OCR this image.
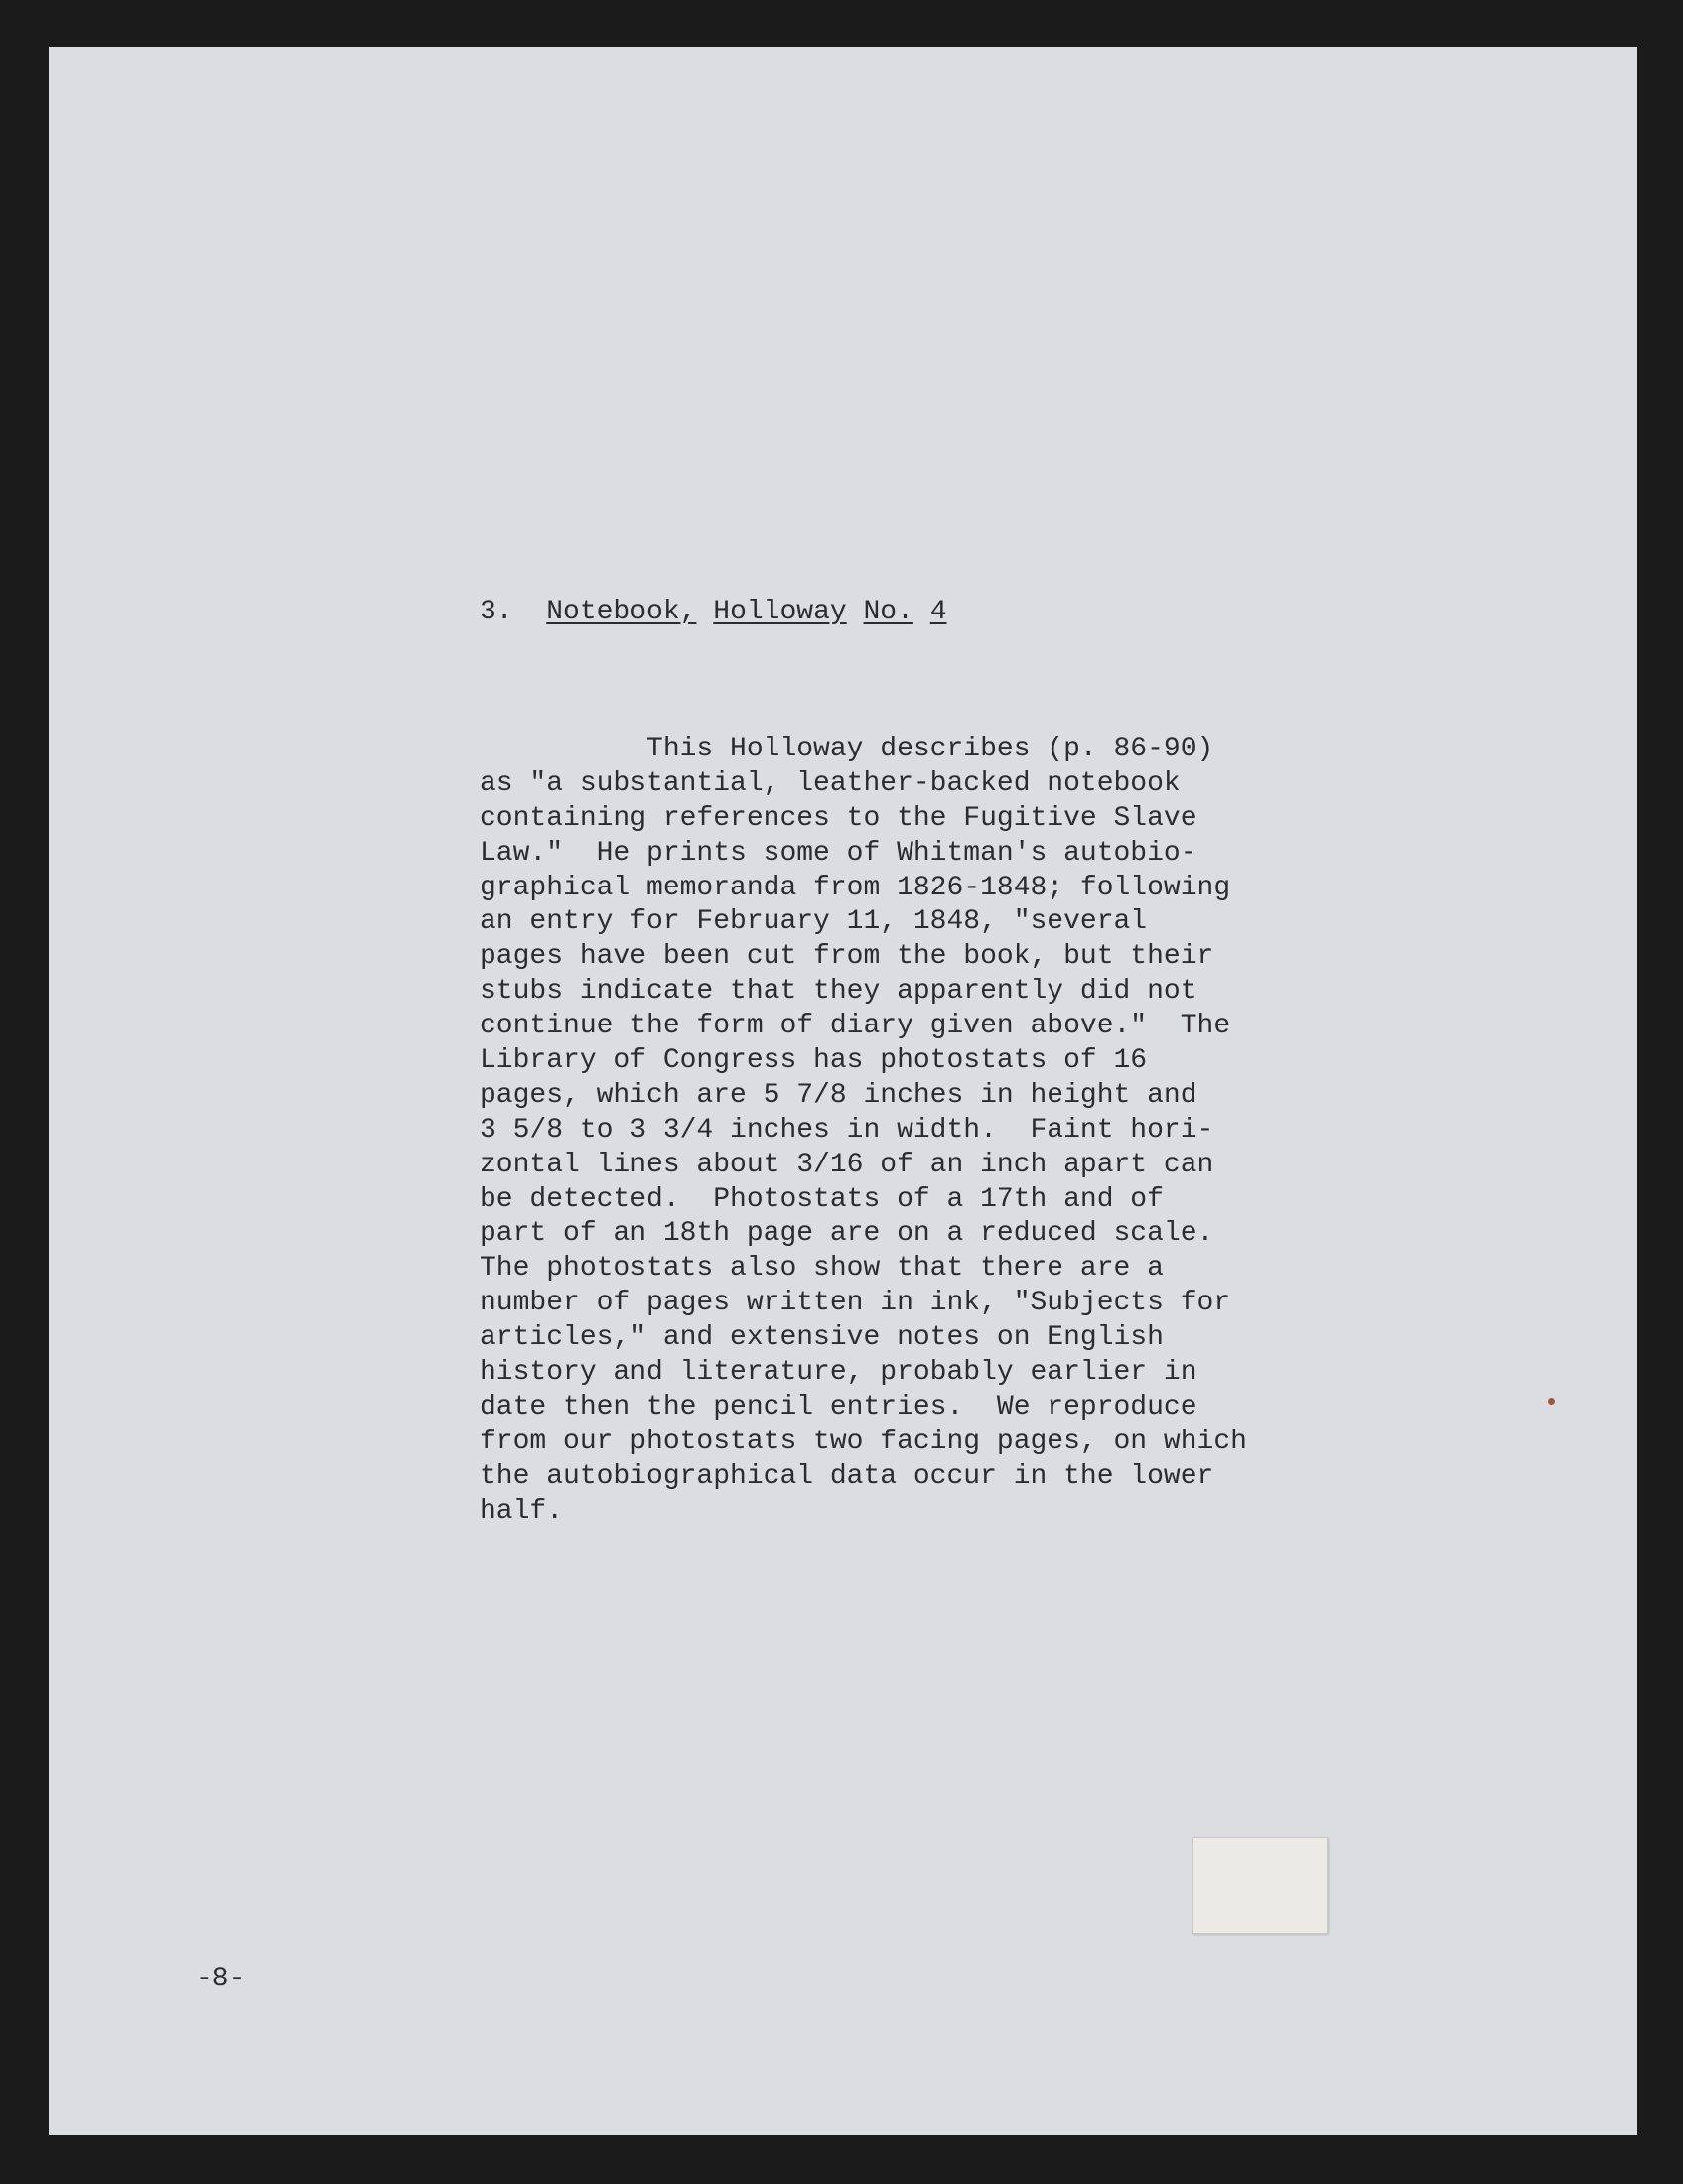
3. Notebook, Holloway No. 4
This Holloway describes (p. 86-90)
as "a substantial, leather-backed notebook
containing references to the Fugitive Slave
Law."  He prints some of Whitman's autobio-
graphical memoranda from 1826-1848; following
an entry for February 11, 1848, "several
pages have been cut from the book, but their
stubs indicate that they apparently did not
continue the form of diary given above."  The
Library of Congress has photostats of 16
pages, which are 5 7/8 inches in height and
3 5/8 to 3 3/4 inches in width.  Faint hori-
zontal lines about 3/16 of an inch apart can
be detected.  Photostats of a 17th and of
part of an 18th page are on a reduced scale.
The photostats also show that there are a
number of pages written in ink, "Subjects for
articles," and extensive notes on English
history and literature, probably earlier in
date then the pencil entries.  We reproduce
from our photostats two facing pages, on which
the autobiographical data occur in the lower
half.
-8-
